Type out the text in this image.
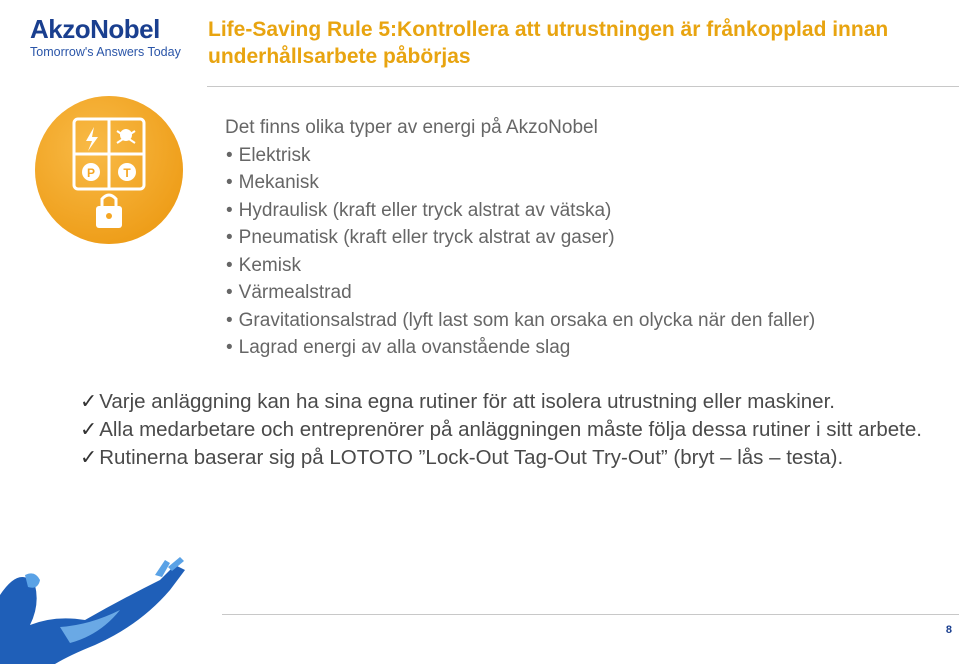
AkzoNobel
Tomorrow's Answers Today
Life-Saving Rule 5:Kontrollera att utrustningen är frånkopplad innan underhållsarbete påbörjas
P T
Det finns olika typer av energi på AkzoNobel
• Elektrisk
• Mekanisk
• Hydraulisk (kraft eller tryck alstrat av vätska)
• Pneumatisk (kraft eller tryck alstrat av gaser)
• Kemisk
• Värmealstrad
• Gravitationsalstrad (lyft last som kan orsaka en olycka när den faller)
• Lagrad energi av alla ovanstående slag
✓ Varje anläggning kan ha sina egna rutiner för att isolera utrustning eller maskiner.
✓ Alla medarbetare och entreprenörer på anläggningen måste följa dessa rutiner i sitt arbete.
✓ Rutinerna baserar sig på LOTOTO ”Lock-Out Tag-Out Try-Out” (bryt – lås – testa).
8
